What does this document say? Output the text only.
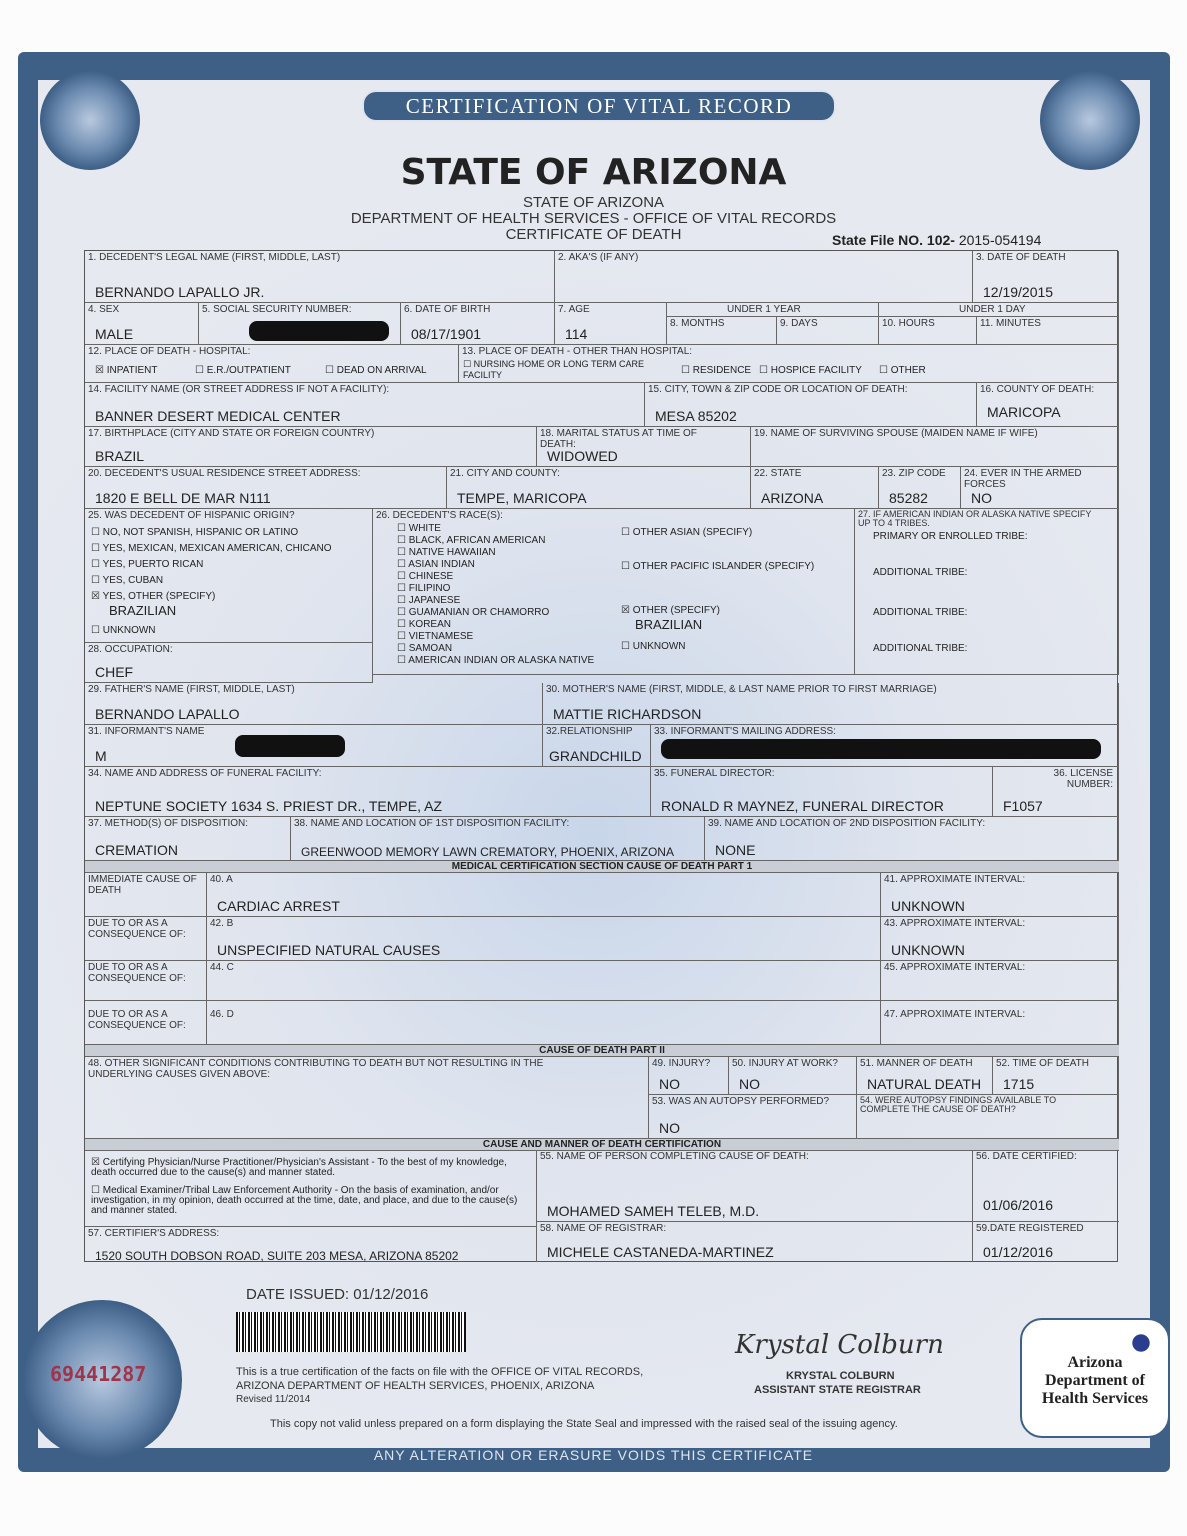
CERTIFICATION OF VITAL RECORD
STATE OF ARIZONA
STATE OF ARIZONA
DEPARTMENT OF HEALTH SERVICES - OFFICE OF VITAL RECORDS
CERTIFICATE OF DEATH	State File NO. 102- 2015-054194
1. DECEDENT'S LEGAL NAME (FIRST, MIDDLE, LAST)
BERNANDO LAPALLO JR.
2. AKA'S (IF ANY)	3. DATE OF DEATH
12/19/2015
4. SEX
MALE
5. SOCIAL SECURITY NUMBER:	6. DATE OF BIRTH
08/17/1901
7. AGE
114
UNDER 1 YEAR	UNDER 1 DAY
8. MONTHS	9. DAYS	10. HOURS	11. MINUTES
12. PLACE OF DEATH - HOSPITAL:
☒ INPATIENT	☐ E.R./OUTPATIENT	☐ DEAD ON ARRIVAL
13. PLACE OF DEATH - OTHER THAN HOSPITAL:
☐ NURSING HOME OR LONG TERM CARE FACILITY	☐ RESIDENCE ☐ HOSPICE FACILITY ☐ OTHER
14. FACILITY NAME (OR STREET ADDRESS IF NOT A FACILITY):
BANNER DESERT MEDICAL CENTER
15. CITY, TOWN & ZIP CODE OR LOCATION OF DEATH:
MESA 85202
16. COUNTY OF DEATH:
MARICOPA
17. BIRTHPLACE (CITY AND STATE OR FOREIGN COUNTRY)
BRAZIL
18. MARITAL STATUS AT TIME OF DEATH:
WIDOWED
19. NAME OF SURVIVING SPOUSE (MAIDEN NAME IF WIFE)
20. DECEDENT'S USUAL RESIDENCE STREET ADDRESS:
1820 E BELL DE MAR N111
21. CITY AND COUNTY:
TEMPE, MARICOPA
22. STATE
ARIZONA
23. ZIP CODE
85282
24. EVER IN THE ARMED FORCES
NO
25. WAS DECEDENT OF HISPANIC ORIGIN?
☐ NO, NOT SPANISH, HISPANIC OR LATINO
☐ YES, MEXICAN, MEXICAN AMERICAN, CHICANO
☐ YES, PUERTO RICAN
☐ YES, CUBAN
☒ YES, OTHER (SPECIFY)
BRAZILIAN
☐ UNKNOWN
26. DECEDENT'S RACE(S):
☐ WHITE
☐ BLACK, AFRICAN AMERICAN
☐ NATIVE HAWAIIAN
☐ ASIAN INDIAN
☐ CHINESE
☐ FILIPINO
☐ JAPANESE
☐ GUAMANIAN OR CHAMORRO
☐ KOREAN
☐ VIETNAMESE
☐ SAMOAN
☐ AMERICAN INDIAN OR ALASKA NATIVE
☐ OTHER ASIAN (SPECIFY)
☐ OTHER PACIFIC ISLANDER (SPECIFY)
☒ OTHER (SPECIFY)
BRAZILIAN
☐ UNKNOWN
27. IF AMERICAN INDIAN OR ALASKA NATIVE SPECIFY UP TO 4 TRIBES.
PRIMARY OR ENROLLED TRIBE:
ADDITIONAL TRIBE:
ADDITIONAL TRIBE:
ADDITIONAL TRIBE:
28. OCCUPATION:
CHEF
29. FATHER'S NAME (FIRST, MIDDLE, LAST)
BERNANDO LAPALLO
30. MOTHER'S NAME (FIRST, MIDDLE, & LAST NAME PRIOR TO FIRST MARRIAGE)
MATTIE RICHARDSON
31. INFORMANT'S NAME
M
32.RELATIONSHIP
GRANDCHILD
33. INFORMANT'S MAILING ADDRESS:
34. NAME AND ADDRESS OF FUNERAL FACILITY:
NEPTUNE SOCIETY 1634 S. PRIEST DR., TEMPE, AZ
35. FUNERAL DIRECTOR:
RONALD R MAYNEZ, FUNERAL DIRECTOR
36. LICENSE NUMBER:
F1057
37. METHOD(S) OF DISPOSITION:
CREMATION
38. NAME AND LOCATION OF 1ST DISPOSITION FACILITY:
GREENWOOD MEMORY LAWN CREMATORY, PHOENIX, ARIZONA
39. NAME AND LOCATION OF 2ND DISPOSITION FACILITY:
NONE
MEDICAL CERTIFICATION SECTION CAUSE OF DEATH PART 1
IMMEDIATE CAUSE OF DEATH
40. A
CARDIAC ARREST
41. APPROXIMATE INTERVAL:
UNKNOWN
DUE TO OR AS A CONSEQUENCE OF:
42. B
UNSPECIFIED NATURAL CAUSES
43. APPROXIMATE INTERVAL:
UNKNOWN
DUE TO OR AS A CONSEQUENCE OF:
44. C	45. APPROXIMATE INTERVAL:
DUE TO OR AS A CONSEQUENCE OF:
46. D	47. APPROXIMATE INTERVAL:
CAUSE OF DEATH PART II
48. OTHER SIGNIFICANT CONDITIONS CONTRIBUTING TO DEATH BUT NOT RESULTING IN THE UNDERLYING CAUSES GIVEN ABOVE:
49. INJURY?
NO
50. INJURY AT WORK?
NO
51. MANNER OF DEATH
NATURAL DEATH
52. TIME OF DEATH
1715
53. WAS AN AUTOPSY PERFORMED?
NO
54. WERE AUTOPSY FINDINGS AVAILABLE TO COMPLETE THE CAUSE OF DEATH?
CAUSE AND MANNER OF DEATH CERTIFICATION
☒ Certifying Physician/Nurse Practitioner/Physician's Assistant - To the best of my knowledge, death occurred due to the cause(s) and manner stated.
☐ Medical Examiner/Tribal Law Enforcement Authority - On the basis of examination, and/or investigation, in my opinion, death occurred at the time, date, and place, and due to the cause(s) and manner stated.
55. NAME OF PERSON COMPLETING CAUSE OF DEATH:
MOHAMED SAMEH TELEB, M.D.
56. DATE CERTIFIED:
01/06/2016
57. CERTIFIER'S ADDRESS:
1520 SOUTH DOBSON ROAD, SUITE 203 MESA, ARIZONA 85202
58. NAME OF REGISTRAR:
MICHELE CASTANEDA-MARTINEZ
59.DATE REGISTERED
01/12/2016
DATE ISSUED: 01/12/2016
69441287	This is a true certification of the facts on file with the OFFICE OF VITAL RECORDS,
ARIZONA DEPARTMENT OF HEALTH SERVICES, PHOENIX, ARIZONA
Revised 11/2014
Krystal Colburn
KRYSTAL COLBURN
ASSISTANT STATE REGISTRAR
This copy not valid unless prepared on a form displaying the State Seal and impressed with the raised seal of the issuing agency.
ANY ALTERATION OR ERASURE VOIDS THIS CERTIFICATE
Arizona
Department of
Health Services
